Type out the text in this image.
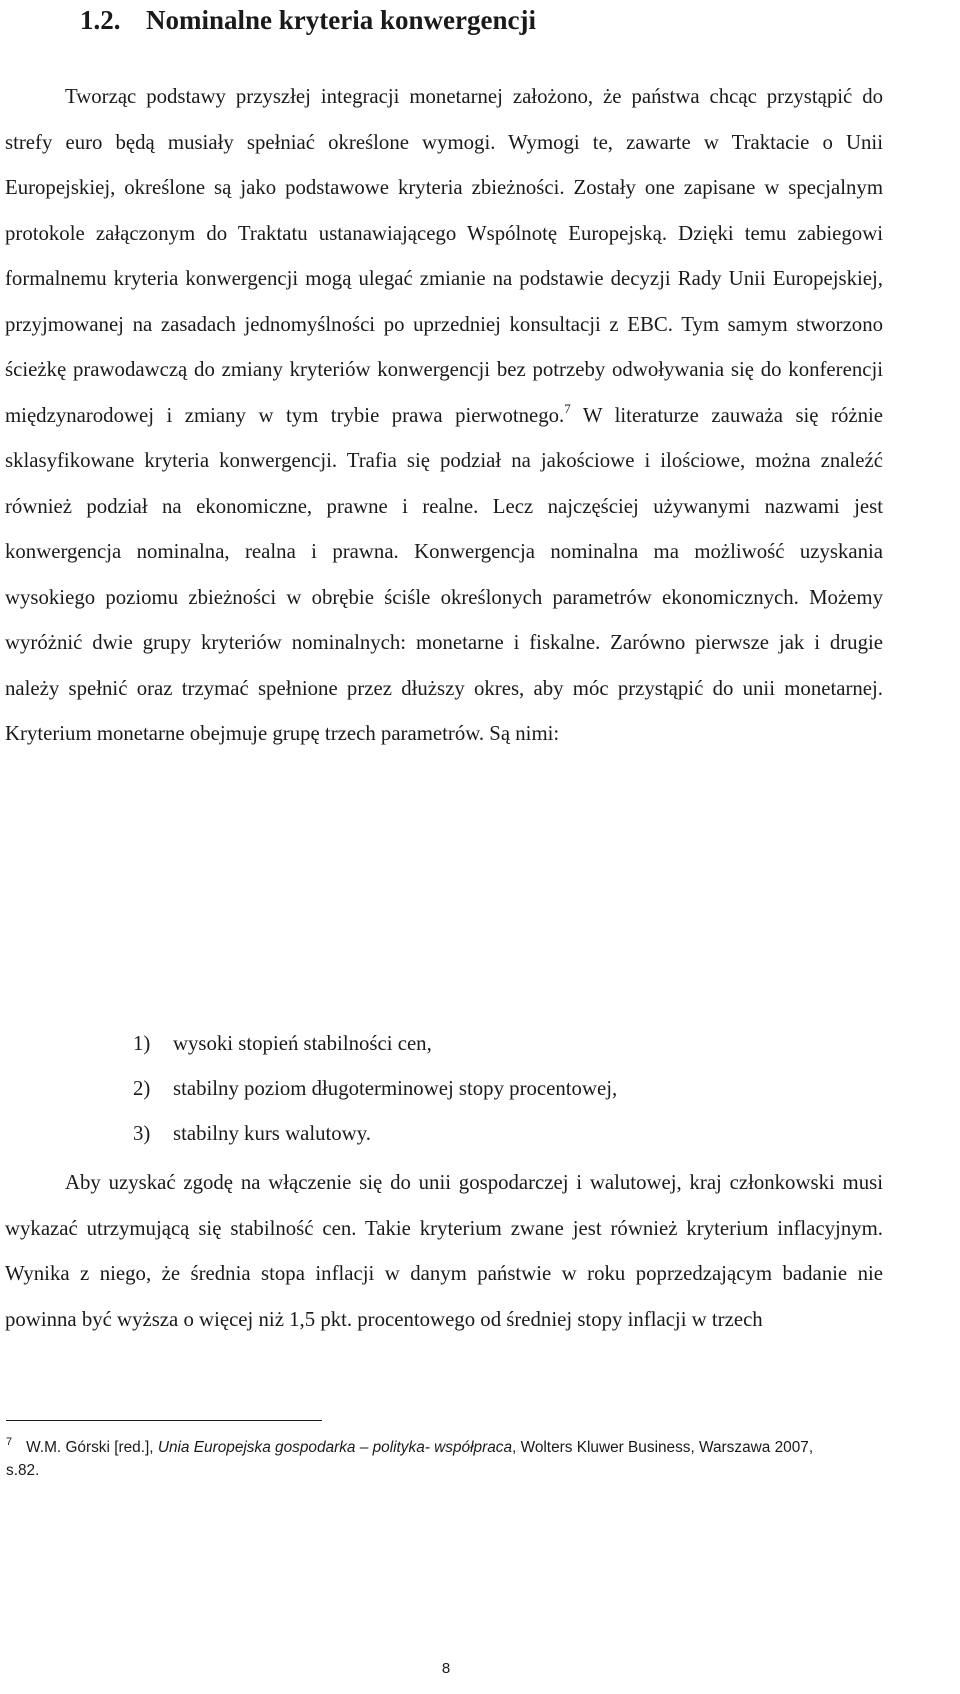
1.2. Nominalne kryteria konwergencji

Tworząc podstawy przyszłej integracji monetarnej założono, że państwa chcąc przystąpić do strefy euro będą musiały spełniać określone wymogi. Wymogi te, zawarte w Traktacie o Unii Europejskiej, określone są jako podstawowe kryteria zbieżności. Zostały one zapisane w specjalnym protokole załączonym do Traktatu ustanawiającego Wspólnotę Europejską. Dzięki temu zabiegowi formalnemu kryteria konwergencji mogą ulegać zmianie na podstawie decyzji Rady Unii Europejskiej, przyjmowanej na zasadach jednomyślności po uprzedniej konsultacji z EBC. Tym samym stworzono ścieżkę prawodawczą do zmiany kryteriów konwergencji bez potrzeby odwoływania się do konferencji międzynarodowej i zmiany w tym trybie prawa pierwotnego.$^7$ W literaturze zauważa się różnie sklasyfikowane kryteria konwergencji. Trafia się podział na jakościowe i ilościowe, można znaleźć również podział na ekonomiczne, prawne i realne. Lecz najczęściej używanymi nazwami jest konwergencja nominalna, realna i prawna. Konwergencja nominalna ma możliwość uzyskania wysokiego poziomu zbieżności w obrębie ściśle określonych parametrów ekonomicznych. Możemy wyróżnić dwie grupy kryteriów nominalnych: monetarne i fiskalne. Zarówno pierwsze jak i drugie należy spełnić oraz trzymać spełnione przez dłuższy okres, aby móc przystąpić do unii monetarnej. Kryterium monetarne obejmuje grupę trzech parametrów. Są nimi:

1) wysoki stopień stabilności cen,
2) stabilny poziom długoterminowej stopy procentowej,
3) stabilny kurs walutowy.

Aby uzyskać zgodę na włączenie się do unii gospodarczej i walutowej, kraj członkowski musi wykazać utrzymującą się stabilność cen. Takie kryterium zwane jest również kryterium inflacyjnym. Wynika z niego, że średnia stopa inflacji w danym państwie w roku poprzedzającym badanie nie powinna być wyższa o więcej niż 1,5 pkt. procentowego od średniej stopy inflacji w trzech

$^7$ W.M. Górski [red.], Unia Europejska gospodarka – polityka- współpraca, Wolters Kluwer Business, Warszawa 2007, s.82.

8
